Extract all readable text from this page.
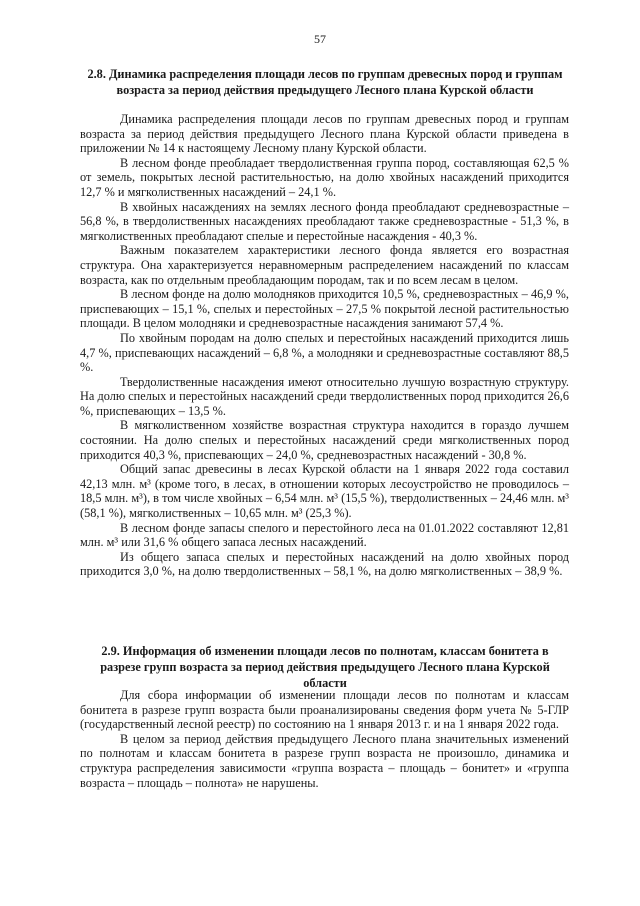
57
2.8. Динамика распределения площади лесов по группам древесных пород и группам возраста за период действия предыдущего Лесного плана Курской области

Динамика распределения площади лесов по группам древесных пород и группам возраста за период действия предыдущего Лесного плана Курской области приведена в приложении № 14 к настоящему Лесному плану Курской области.

В лесном фонде преобладает твердолиственная группа пород, составляющая 62,5 % от земель, покрытых лесной растительностью, на долю хвойных насаждений приходится 12,7 % и мягколиственных насаждений – 24,1 %.

В хвойных насаждениях на землях лесного фонда преобладают средневозрастные – 56,8 %, в твердолиственных насаждениях преобладают также средневозрастные - 51,3 %, в мягколиственных преобладают спелые и перестойные насаждения - 40,3 %.

Важным показателем характеристики лесного фонда является его возрастная структура. Она характеризуется неравномерным распределением насаждений по классам возраста, как по отдельным преобладающим породам, так и по всем лесам в целом.

В лесном фонде на долю молодняков приходится 10,5 %, средневозрастных – 46,9 %, приспевающих – 15,1 %, спелых и перестойных – 27,5 % покрытой лесной растительностью площади. В целом молодняки и средневозрастные насаждения занимают 57,4 %.

По хвойным породам на долю спелых и перестойных насаждений приходится лишь 4,7 %, приспевающих насаждений – 6,8 %, а молодняки и средневозрастные составляют 88,5 %.

Твердолиственные насаждения имеют относительно лучшую возрастную структуру. На долю спелых и перестойных насаждений среди твердолиственных пород приходится 26,6 %, приспевающих – 13,5 %.

В мягколиственном хозяйстве возрастная структура находится в гораздо лучшем состоянии. На долю спелых и перестойных насаждений среди мягколиственных пород приходится 40,3 %, приспевающих – 24,0 %, средневозрастных насаждений - 30,8 %.

Общий запас древесины в лесах Курской области на 1 января 2022 года составил 42,13 млн. м³ (кроме того, в лесах, в отношении которых лесоустройство не проводилось – 18,5 млн. м³), в том числе хвойных – 6,54 млн. м³ (15,5 %), твердолиственных – 24,46 млн. м³ (58,1 %), мягколиственных – 10,65 млн. м³ (25,3 %).

В лесном фонде запасы спелого и перестойного леса на 01.01.2022 составляют 12,81 млн. м³ или 31,6 % общего запаса лесных насаждений.

Из общего запаса спелых и перестойных насаждений на долю хвойных пород приходится 3,0 %, на долю твердолиственных – 58,1 %, на долю мягколиственных – 38,9 %.

2.9. Информация об изменении площади лесов по полнотам, классам бонитета в разрезе групп возраста за период действия предыдущего Лесного плана Курской области

Для сбора информации об изменении площади лесов по полнотам и классам бонитета в разрезе групп возраста были проанализированы сведения форм учета № 5-ГЛР (государственный лесной реестр) по состоянию на 1 января 2013 г. и на 1 января 2022 года.

В целом за период действия предыдущего Лесного плана значительных изменений по полнотам и классам бонитета в разрезе групп возраста не произошло, динамика и структура распределения зависимости «группа возраста – площадь – бонитет» и «группа возраста – площадь – полнота» не нарушены.
